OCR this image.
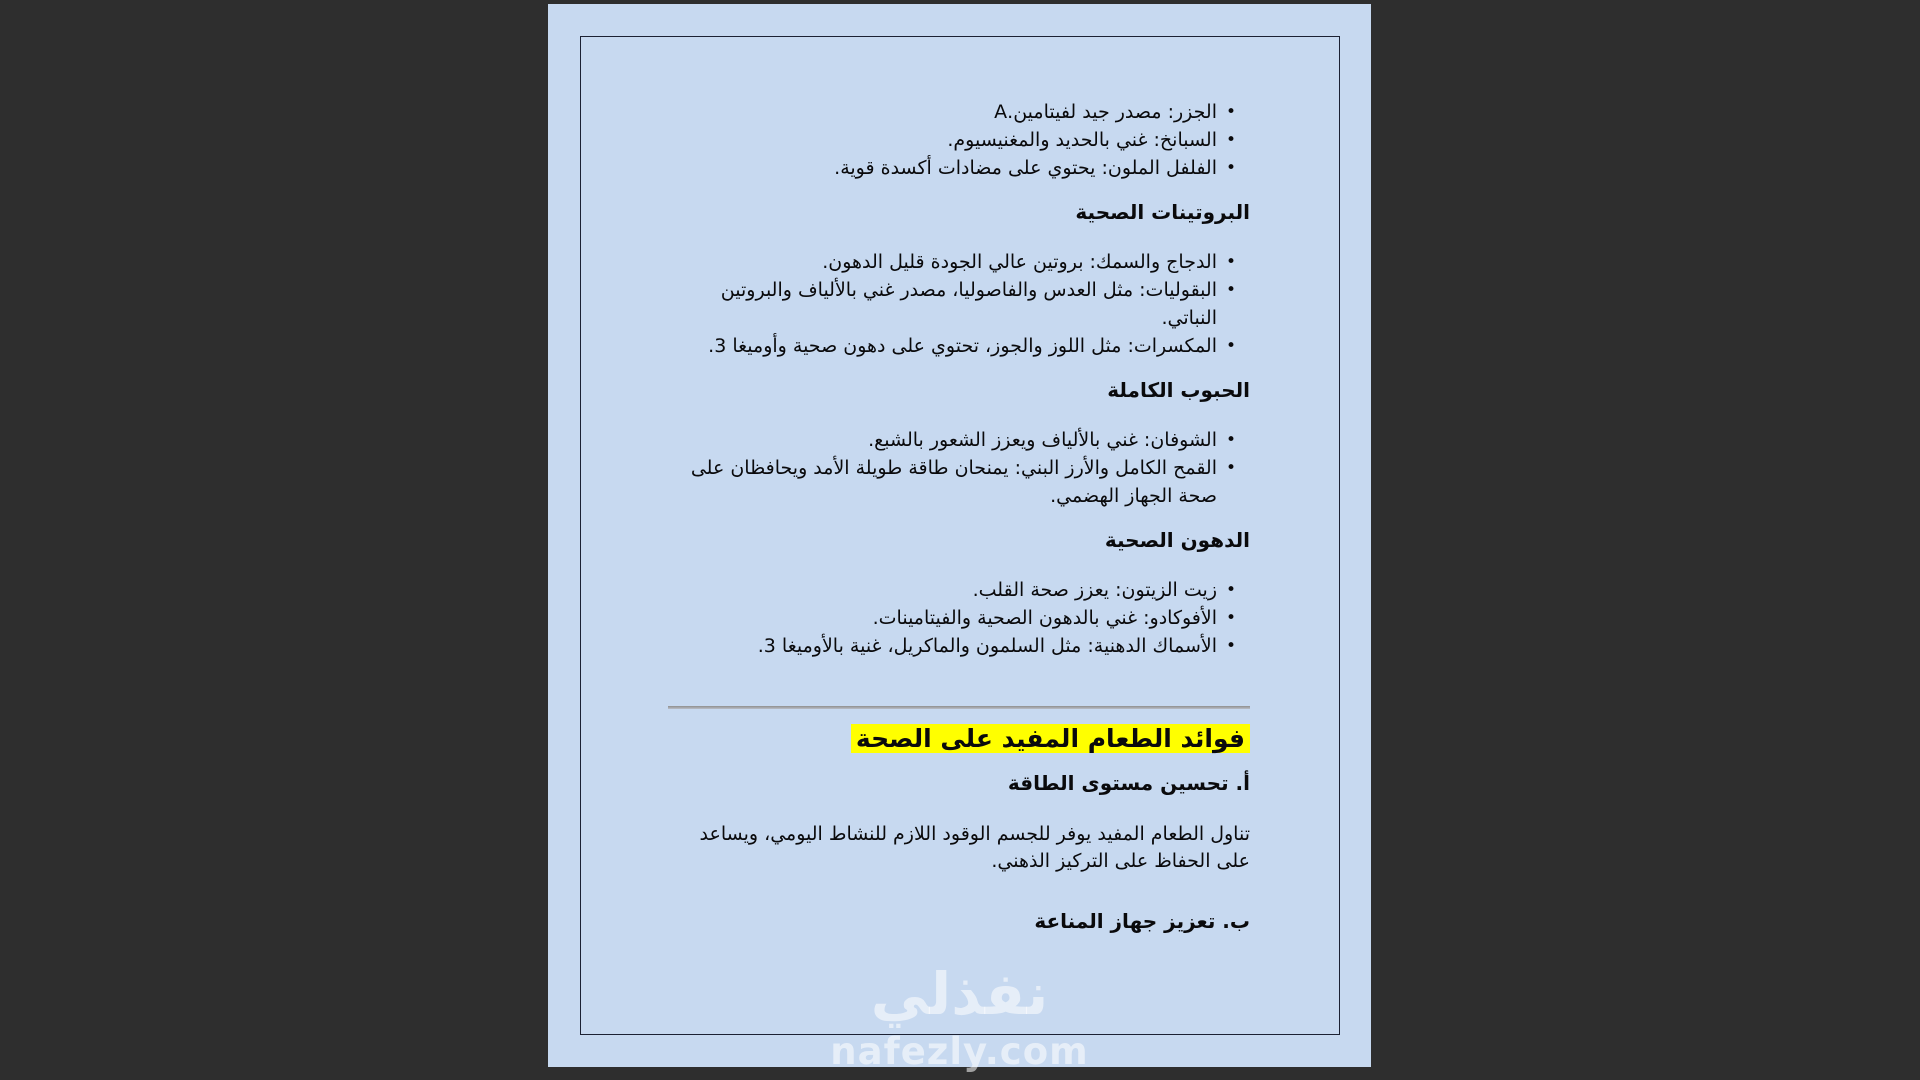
• الجزر: مصدر جيد لفيتامين.A
• السبانخ: غني بالحديد والمغنيسيوم.
• الفلفل الملون: يحتوي على مضادات أكسدة قوية.
البروتينات الصحية
• الدجاج والسمك: بروتين عالي الجودة قليل الدهون.
• البقوليات: مثل العدس والفاصوليا، مصدر غني بالألياف والبروتين النباتي.
• المكسرات: مثل اللوز والجوز، تحتوي على دهون صحية وأوميغا 3.
الحبوب الكاملة
• الشوفان: غني بالألياف ويعزز الشعور بالشبع.
• القمح الكامل والأرز البني: يمنحان طاقة طويلة الأمد ويحافظان على صحة الجهاز الهضمي.
الدهون الصحية
• زيت الزيتون: يعزز صحة القلب.
• الأفوكادو: غني بالدهون الصحية والفيتامينات.
• الأسماك الدهنية: مثل السلمون والماكريل، غنية بالأوميغا 3.
فوائد الطعام المفيد على الصحة
أ. تحسين مستوى الطاقة

تناول الطعام المفيد يوفر للجسم الوقود اللازم للنشاط اليومي، ويساعد على الحفاظ على التركيز الذهني.

ب. تعزيز جهاز المناعة
نفذلي
nafezly.com
